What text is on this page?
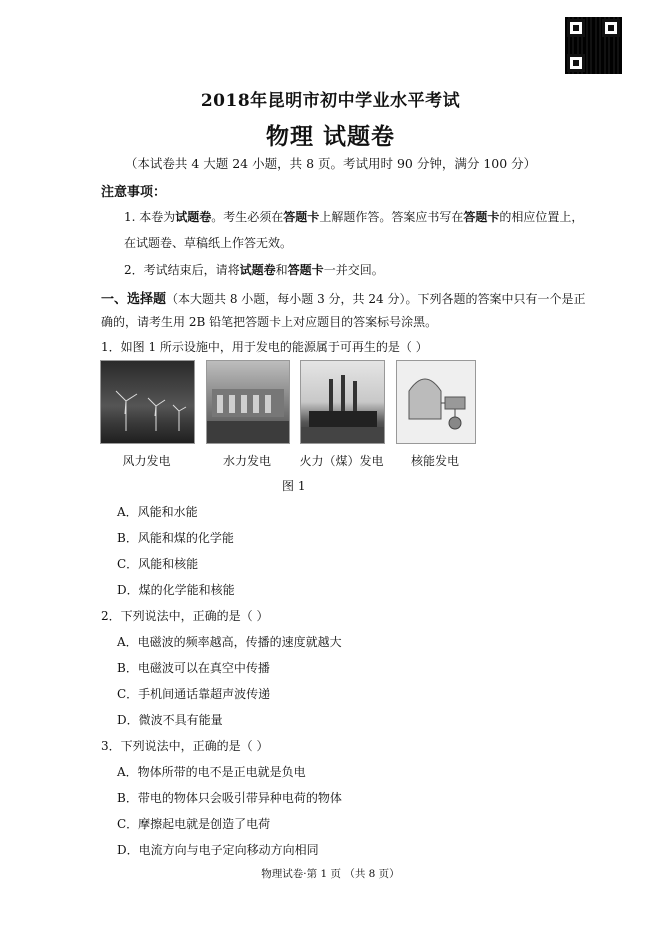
2018年昆明市初中学业水平考试
物理 试题卷
（本试卷共 4 大题 24 小题，共 8 页。考试用时 90 分钟，满分 100 分）
注意事项：
1. 本卷为试题卷。考生必须在答题卡上解题作答。答案应书写在答题卡的相应位置上，
在试题卷、草稿纸上作答无效。
2．考试结束后，请将试题卷和答题卡一并交回。
一、选择题（本大题共 8 小题，每小题 3 分，共 24 分）。下列各题的答案中只有一个是正
确的，请考生用 2B 铅笔把答题卡上对应题目的答案标号涂黑。
1．如图 1 所示设施中，用于发电的能源属于可再生的是（ ）
风力发电	水力发电	火力（煤）发电	核能发电
图 1
A．风能和水能
B．风能和煤的化学能
C．风能和核能
D．煤的化学能和核能
2．下列说法中，正确的是（ ）
A．电磁波的频率越高，传播的速度就越大
B．电磁波可以在真空中传播
C．手机间通话靠超声波传递
D．微波不具有能量
3．下列说法中，正确的是（ ）
A．物体所带的电不是正电就是负电
B．带电的物体只会吸引带异种电荷的物体
C．摩擦起电就是创造了电荷
D．电流方向与电子定向移动方向相同
物理试卷·第 1 页 （共 8 页）
